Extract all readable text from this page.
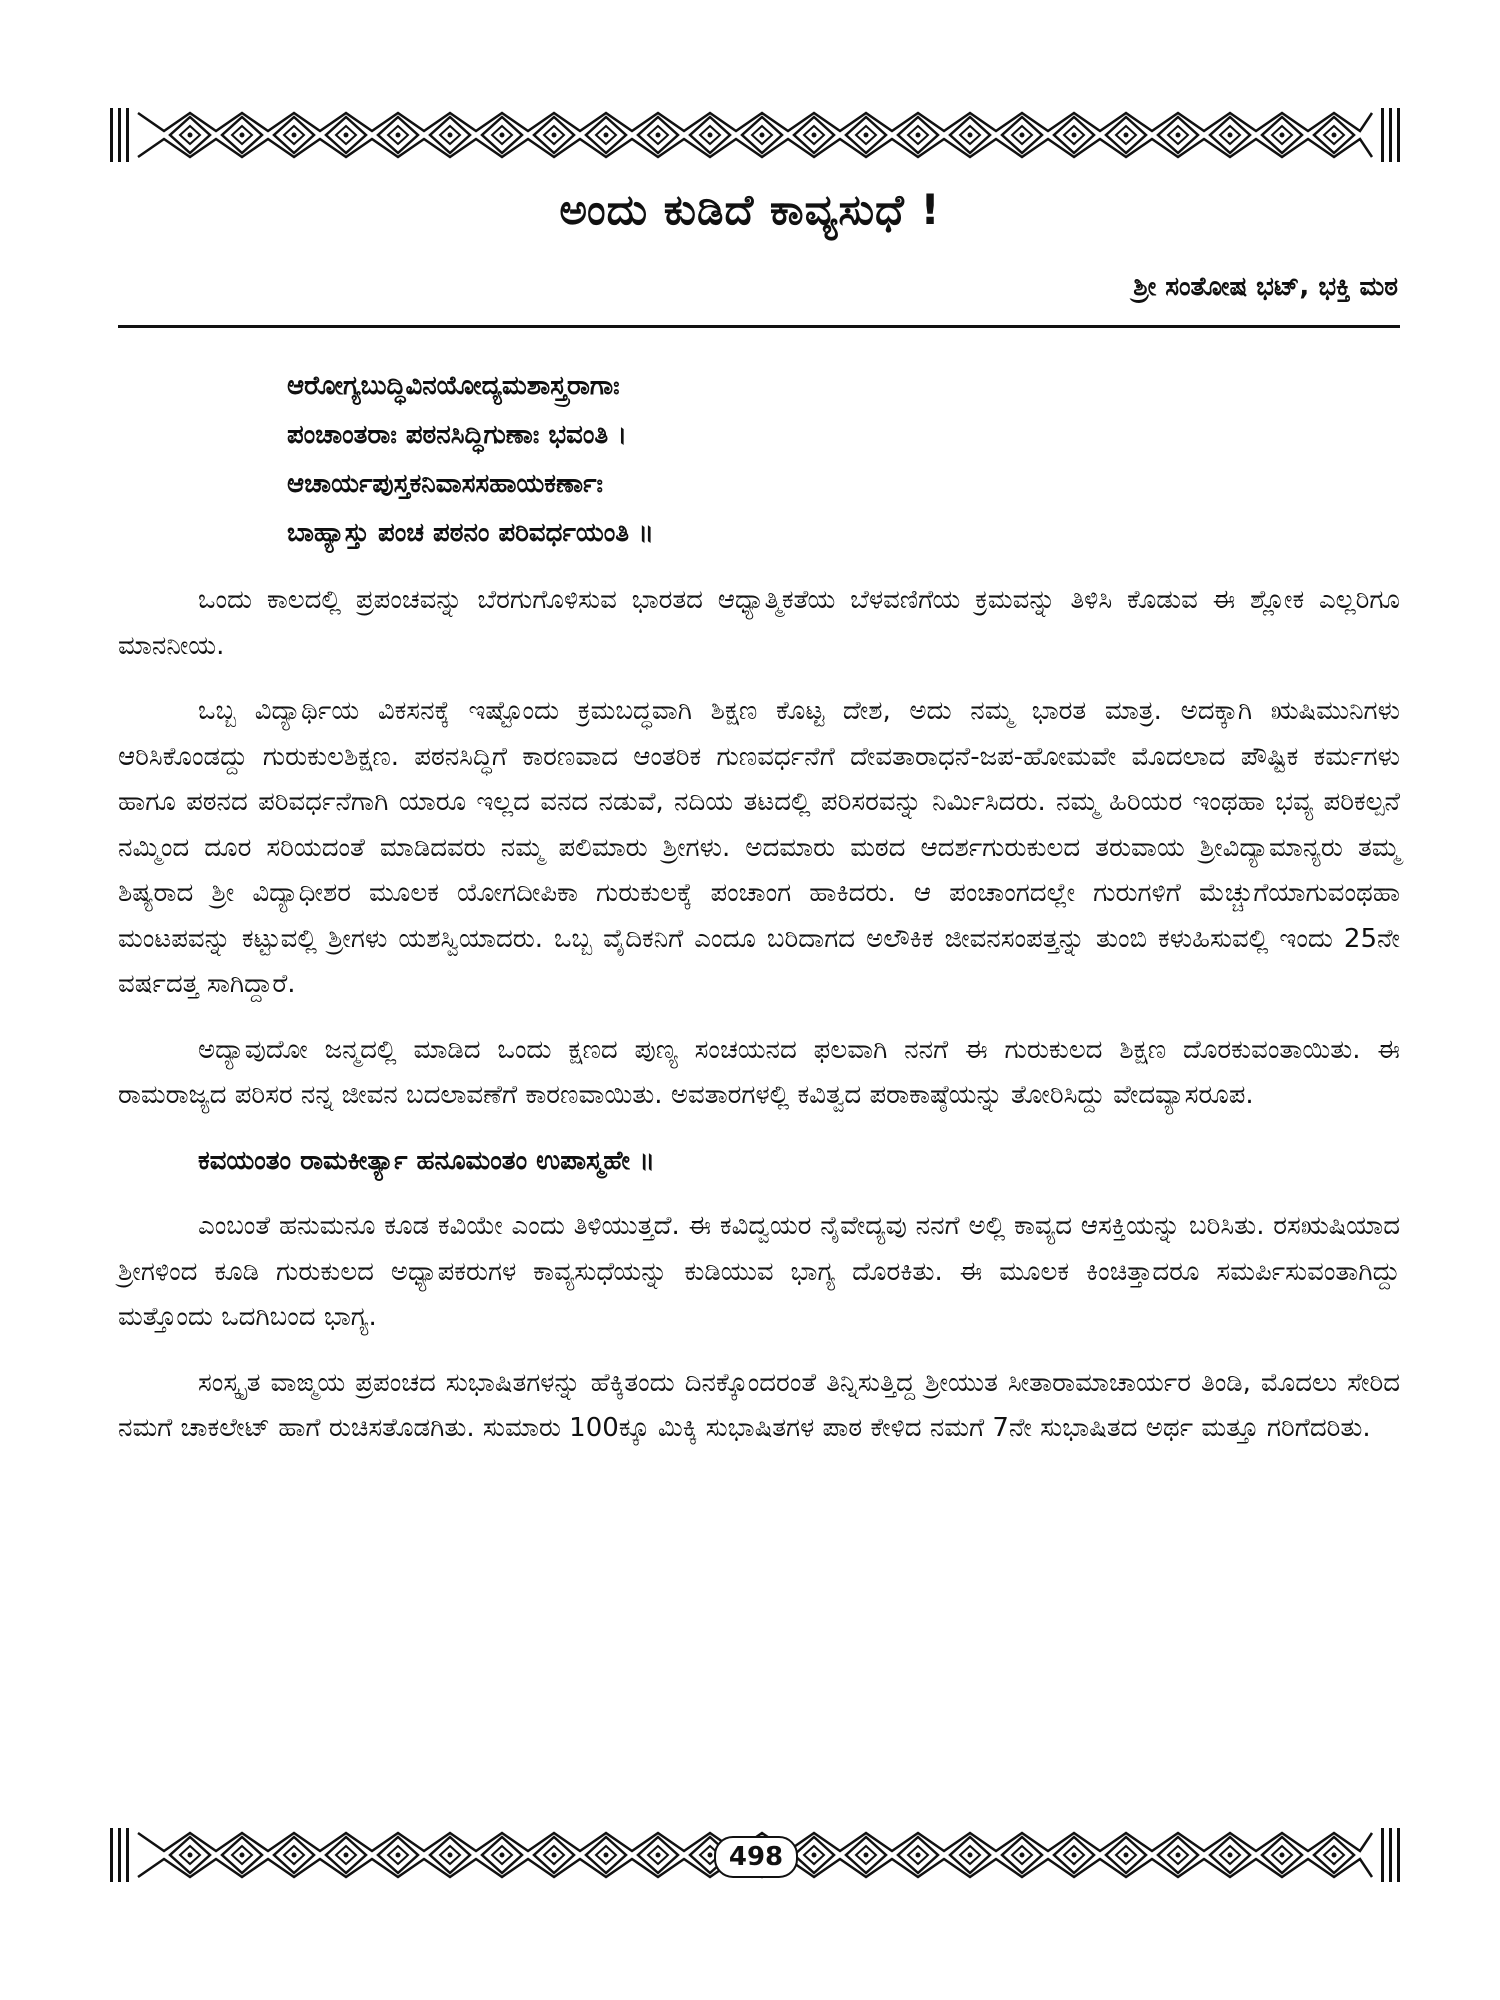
ಅಂದು ಕುಡಿದೆ ಕಾವ್ಯಸುಧೆ !
ಶ್ರೀ ಸಂತೋಷ ಭಟ್, ಭಕ್ತಿ ಮಠ
ಆರೋಗ್ಯಬುದ್ಧಿವಿನಯೋದ್ಯಮಶಾಸ್ತ್ರರಾಗಾಃ
ಪಂಚಾಂತರಾಃ ಪಠನಸಿದ್ಧಿಗುಣಾಃ ಭವಂತಿ ।
ಆಚಾರ್ಯಪುಸ್ತಕನಿವಾಸಸಹಾಯಕರ್ಣಾಃ
ಬಾಹ್ಯಾಸ್ತು ಪಂಚ ಪಠನಂ ಪರಿವರ್ಧಯಂತಿ ॥

ಒಂದು ಕಾಲದಲ್ಲಿ ಪ್ರಪಂಚವನ್ನು ಬೆರಗುಗೊಳಿಸುವ ಭಾರತದ ಆಧ್ಯಾತ್ಮಿಕತೆಯ ಬೆಳವಣಿಗೆಯ ಕ್ರಮವನ್ನು ತಿಳಿಸಿ ಕೊಡುವ ಈ ಶ್ಲೋಕ ಎಲ್ಲರಿಗೂ ಮಾನನೀಯ.

ಒಬ್ಬ ವಿದ್ಯಾರ್ಥಿಯ ವಿಕಸನಕ್ಕೆ ಇಷ್ಟೊಂದು ಕ್ರಮಬದ್ಧವಾಗಿ ಶಿಕ್ಷಣ ಕೊಟ್ಟ ದೇಶ, ಅದು ನಮ್ಮ ಭಾರತ ಮಾತ್ರ. ಅದಕ್ಕಾಗಿ ಋಷಿಮುನಿಗಳು ಆರಿಸಿಕೊಂಡದ್ದು ಗುರುಕುಲಶಿಕ್ಷಣ. ಪಠನಸಿದ್ಧಿಗೆ ಕಾರಣವಾದ ಆಂತರಿಕ ಗುಣವರ್ಧನೆಗೆ ದೇವತಾರಾಧನೆ-ಜಪ-ಹೋಮವೇ ಮೊದಲಾದ ಪೌಷ್ಟಿಕ ಕರ್ಮಗಳು ಹಾಗೂ ಪಠನದ ಪರಿವರ್ಧನೆಗಾಗಿ ಯಾರೂ ಇಲ್ಲದ ವನದ ನಡುವೆ, ನದಿಯ ತಟದಲ್ಲಿ ಪರಿಸರವನ್ನು ನಿರ್ಮಿಸಿದರು. ನಮ್ಮ ಹಿರಿಯರ ಇಂಥಹಾ ಭವ್ಯ ಪರಿಕಲ್ಪನೆ ನಮ್ಮಿಂದ ದೂರ ಸರಿಯದಂತೆ ಮಾಡಿದವರು ನಮ್ಮ ಪಲಿಮಾರು ಶ್ರೀಗಳು. ಅದಮಾರು ಮಠದ ಆದರ್ಶಗುರುಕುಲದ ತರುವಾಯ ಶ್ರೀವಿದ್ಯಾಮಾನ್ಯರು ತಮ್ಮ ಶಿಷ್ಯರಾದ ಶ್ರೀ ವಿದ್ಯಾಧೀಶರ ಮೂಲಕ ಯೋಗದೀಪಿಕಾ ಗುರುಕುಲಕ್ಕೆ ಪಂಚಾಂಗ ಹಾಕಿದರು. ಆ ಪಂಚಾಂಗದಲ್ಲೇ ಗುರುಗಳಿಗೆ ಮೆಚ್ಚುಗೆಯಾಗುವಂಥಹಾ ಮಂಟಪವನ್ನು ಕಟ್ಟುವಲ್ಲಿ ಶ್ರೀಗಳು ಯಶಸ್ವಿಯಾದರು. ಒಬ್ಬ ವೈದಿಕನಿಗೆ ಎಂದೂ ಬರಿದಾಗದ ಅಲೌಕಿಕ ಜೀವನಸಂಪತ್ತನ್ನು ತುಂಬಿ ಕಳುಹಿಸುವಲ್ಲಿ ಇಂದು 25ನೇ ವರ್ಷದತ್ತ ಸಾಗಿದ್ದಾರೆ.

ಅದ್ಯಾವುದೋ ಜನ್ಮದಲ್ಲಿ ಮಾಡಿದ ಒಂದು ಕ್ಷಣದ ಪುಣ್ಯ ಸಂಚಯನದ ಫಲವಾಗಿ ನನಗೆ ಈ ಗುರುಕುಲದ ಶಿಕ್ಷಣ ದೊರಕುವಂತಾಯಿತು. ಈ ರಾಮರಾಜ್ಯದ ಪರಿಸರ ನನ್ನ ಜೀವನ ಬದಲಾವಣೆಗೆ ಕಾರಣವಾಯಿತು. ಅವತಾರಗಳಲ್ಲಿ ಕವಿತ್ವದ ಪರಾಕಾಷ್ಠೆಯನ್ನು ತೋರಿಸಿದ್ದು ವೇದವ್ಯಾಸರೂಪ.

ಕವಯಂತಂ ರಾಮಕೀರ್ತ್ಯಾ ಹನೂಮಂತಂ ಉಪಾಸ್ಮಹೇ ॥

ಎಂಬಂತೆ ಹನುಮನೂ ಕೂಡ ಕವಿಯೇ ಎಂದು ತಿಳಿಯುತ್ತದೆ. ಈ ಕವಿದ್ವಯರ ನೈವೇದ್ಯವು ನನಗೆ ಅಲ್ಲಿ ಕಾವ್ಯದ ಆಸಕ್ತಿಯನ್ನು ಬರಿಸಿತು. ರಸಋಷಿಯಾದ ಶ್ರೀಗಳಿಂದ ಕೂಡಿ ಗುರುಕುಲದ ಅಧ್ಯಾಪಕರುಗಳ ಕಾವ್ಯಸುಧೆಯನ್ನು ಕುಡಿಯುವ ಭಾಗ್ಯ ದೊರಕಿತು. ಈ ಮೂಲಕ ಕಿಂಚಿತ್ತಾದರೂ ಸಮರ್ಪಿಸುವಂತಾಗಿದ್ದು ಮತ್ತೊಂದು ಒದಗಿಬಂದ ಭಾಗ್ಯ.

ಸಂಸ್ಕೃತ ವಾಙ್ಮಯ ಪ್ರಪಂಚದ ಸುಭಾಷಿತಗಳನ್ನು ಹೆಕ್ಕಿತಂದು ದಿನಕ್ಕೊಂದರಂತೆ ತಿನ್ನಿಸುತ್ತಿದ್ದ ಶ್ರೀಯುತ ಸೀತಾರಾಮಾಚಾರ್ಯರ ತಿಂಡಿ, ಮೊದಲು ಸೇರಿದ ನಮಗೆ ಚಾಕಲೇಟ್ ಹಾಗೆ ರುಚಿಸತೊಡಗಿತು. ಸುಮಾರು 100ಕ್ಕೂ ಮಿಕ್ಕಿ ಸುಭಾಷಿತಗಳ ಪಾಠ ಕೇಳಿದ ನಮಗೆ 7ನೇ ಸುಭಾಷಿತದ ಅರ್ಥ ಮತ್ತೂ ಗರಿಗೆದರಿತು.

498
